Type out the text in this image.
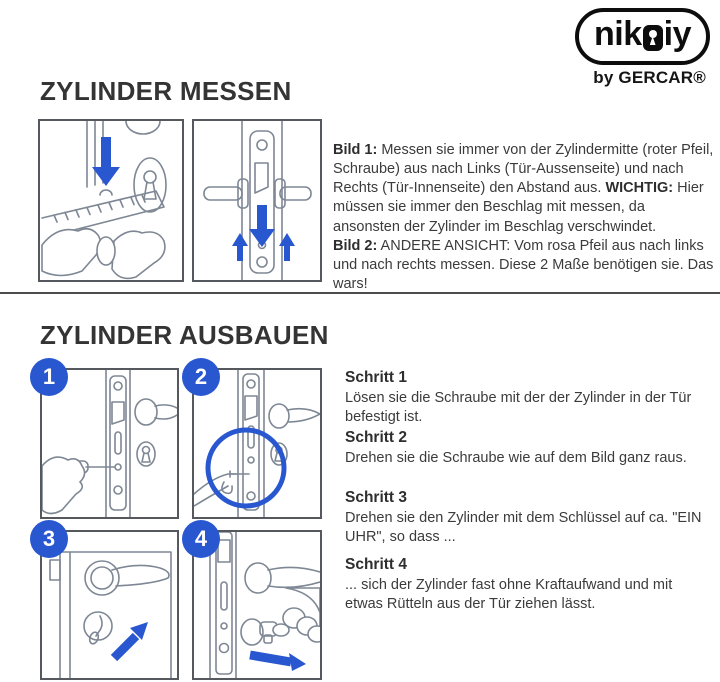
nik iy
by GERCAR®
ZYLINDER MESSEN

Bild 1: Messen sie immer von der Zylindermitte (roter Pfeil, Schraube) aus nach Links (Tür-Aussenseite) und nach Rechts (Tür-Innenseite) den Abstand aus. WICHTIG: Hier müssen sie immer den Beschlag mit messen, da ansonsten der Zylinder im Beschlag verschwindet.

Bild 2: ANDERE ANSICHT: Vom rosa Pfeil aus nach links und nach rechts messen. Diese 2 Maße benötigen sie. Das wars!

ZYLINDER AUSBAUEN
1	2
3	4
Schritt 1
Lösen sie die Schraube mit der der Zylinder in der Tür befestigt ist.
Schritt 2
Drehen sie die Schraube wie auf dem Bild ganz raus.
Schritt 3
Drehen sie den Zylinder mit dem Schlüssel auf ca. "EIN UHR", so dass ...
Schritt 4
... sich der Zylinder fast ohne Kraftaufwand und mit etwas Rütteln aus der Tür ziehen lässt.
